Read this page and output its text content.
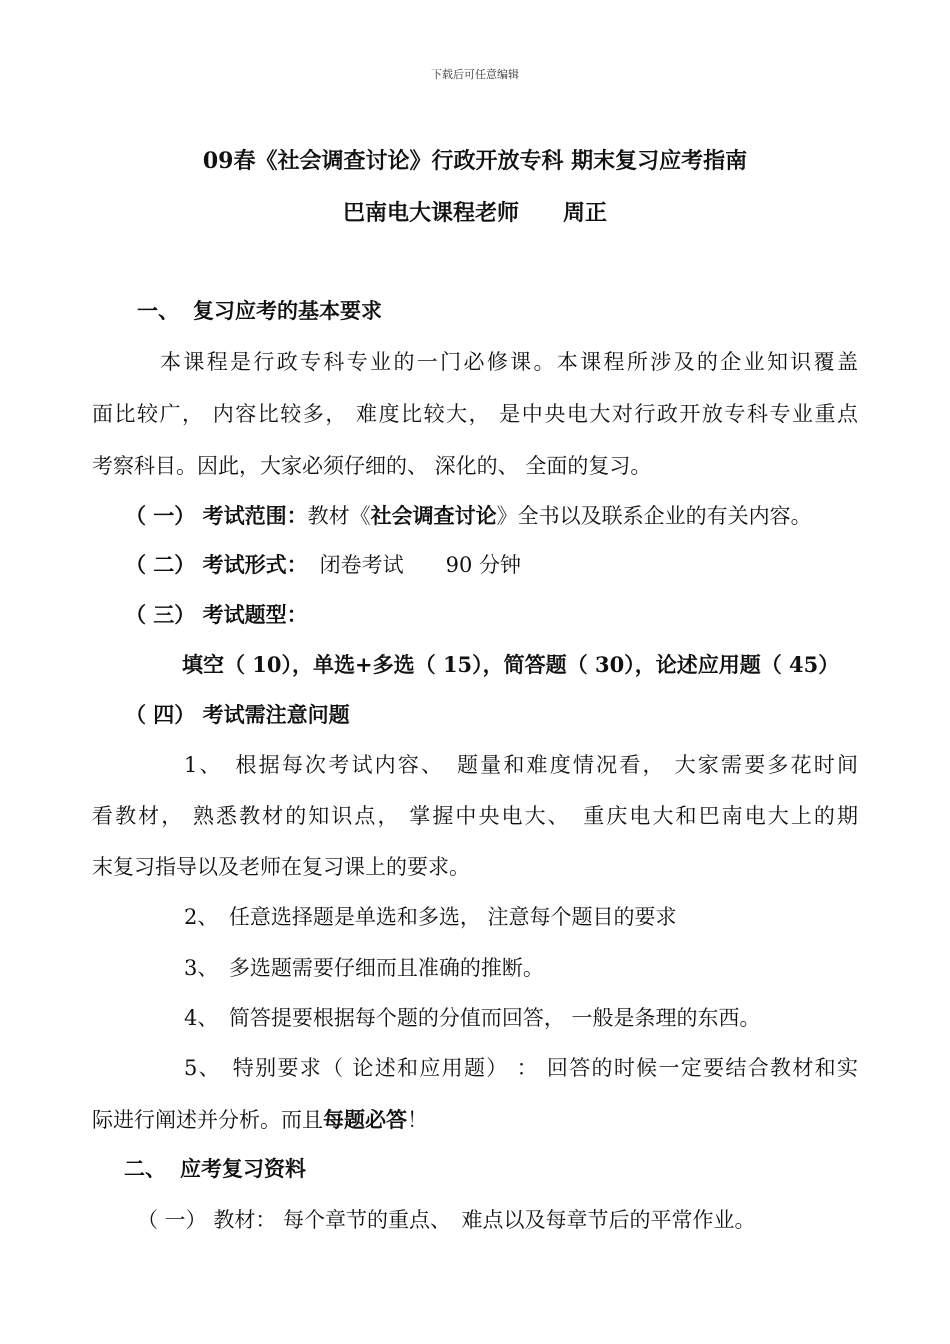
下载后可任意编辑
09春《社会调查讨论》行政开放专科 期末复习应考指南
巴南电大课程老师　　周正
一、 复习应考的基本要求
本课程是行政专科专业的一门必修课。本课程所涉及的企业知识覆盖
面比较广， 内容比较多， 难度比较大， 是中央电大对行政开放专科专业重点
考察科目。因此，大家必须仔细的、 深化的、 全面的复习。
（ 一） 考试范围：教材《社会调查讨论》全书以及联系企业的有关内容。
（ 二） 考试形式： 闭卷考试　　90 分钟
（ 三） 考试题型：
填空（ 10），单选+多选（ 15），简答题（ 30），论述应用题（ 45）
（ 四） 考试需注意问题
1、　根据每次考试内容、　题量和难度情况看， 大家需要多花时间
看教材， 熟悉教材的知识点， 掌握中央电大、　重庆电大和巴南电大上的期
末复习指导以及老师在复习课上的要求。
2、　任意选择题是单选和多选， 注意每个题目的要求
3、　多选题需要仔细而且准确的推断。
4、　简答提要根据每个题的分值而回答， 一般是条理的东西。
5、　特别要求（ 论述和应用题） ： 回答的时候一定要结合教材和实
际进行阐述并分析。而且每题必答！
二、 应考复习资料
（ 一） 教材： 每个章节的重点、　难点以及每章节后的平常作业。
